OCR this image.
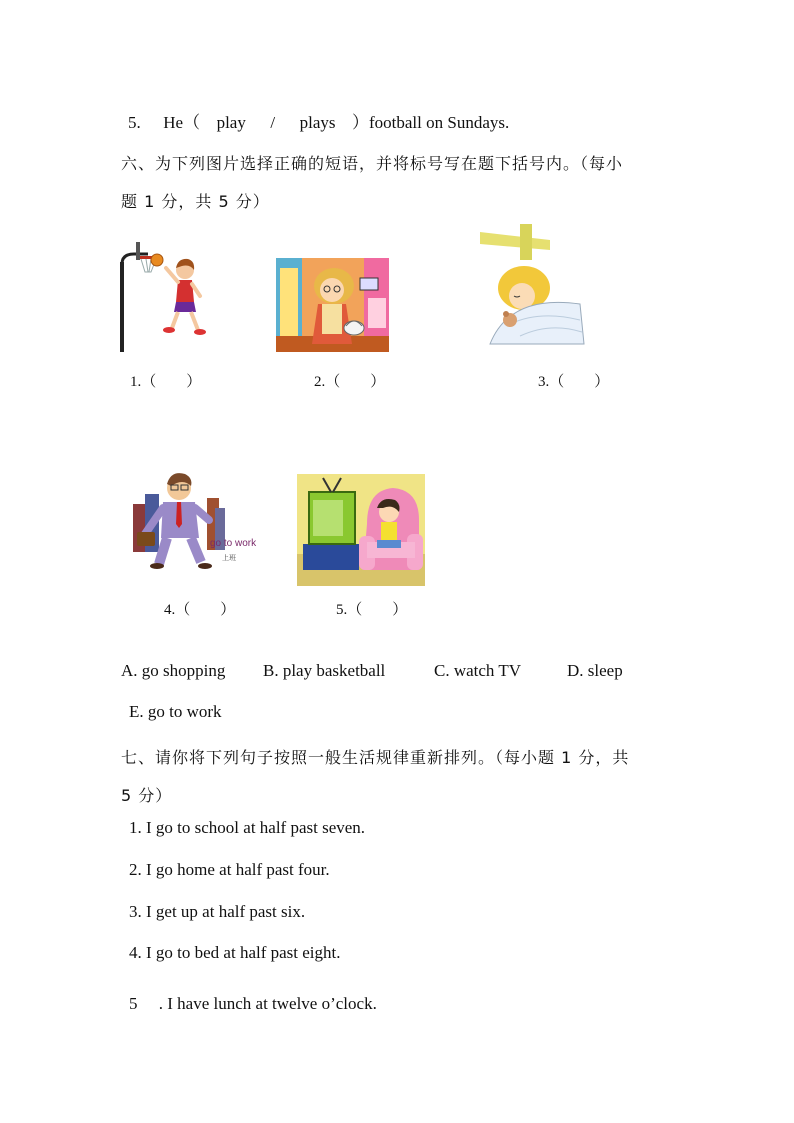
5. He（ play / plays ）football on Sundays.
六、为下列图片选择正确的短语，并将标号写在题下括号内。（每小
题 1 分，共 5 分）
1.（　　）	2.（　　）	3.（　　）
go to work
上班
4.（　　）	5.（　　）
A. go shopping B. play basketball	C. watch TV	D. sleep
E. go to work
七、请你将下列句子按照一般生活规律重新排列。（每小题 1 分，共
5 分）
1. I go to school at half past seven.
2. I go home at half past four.
3. I get up at half past six.
4. I go to bed at half past eight.
5　 . I have lunch at twelve o’clock.
